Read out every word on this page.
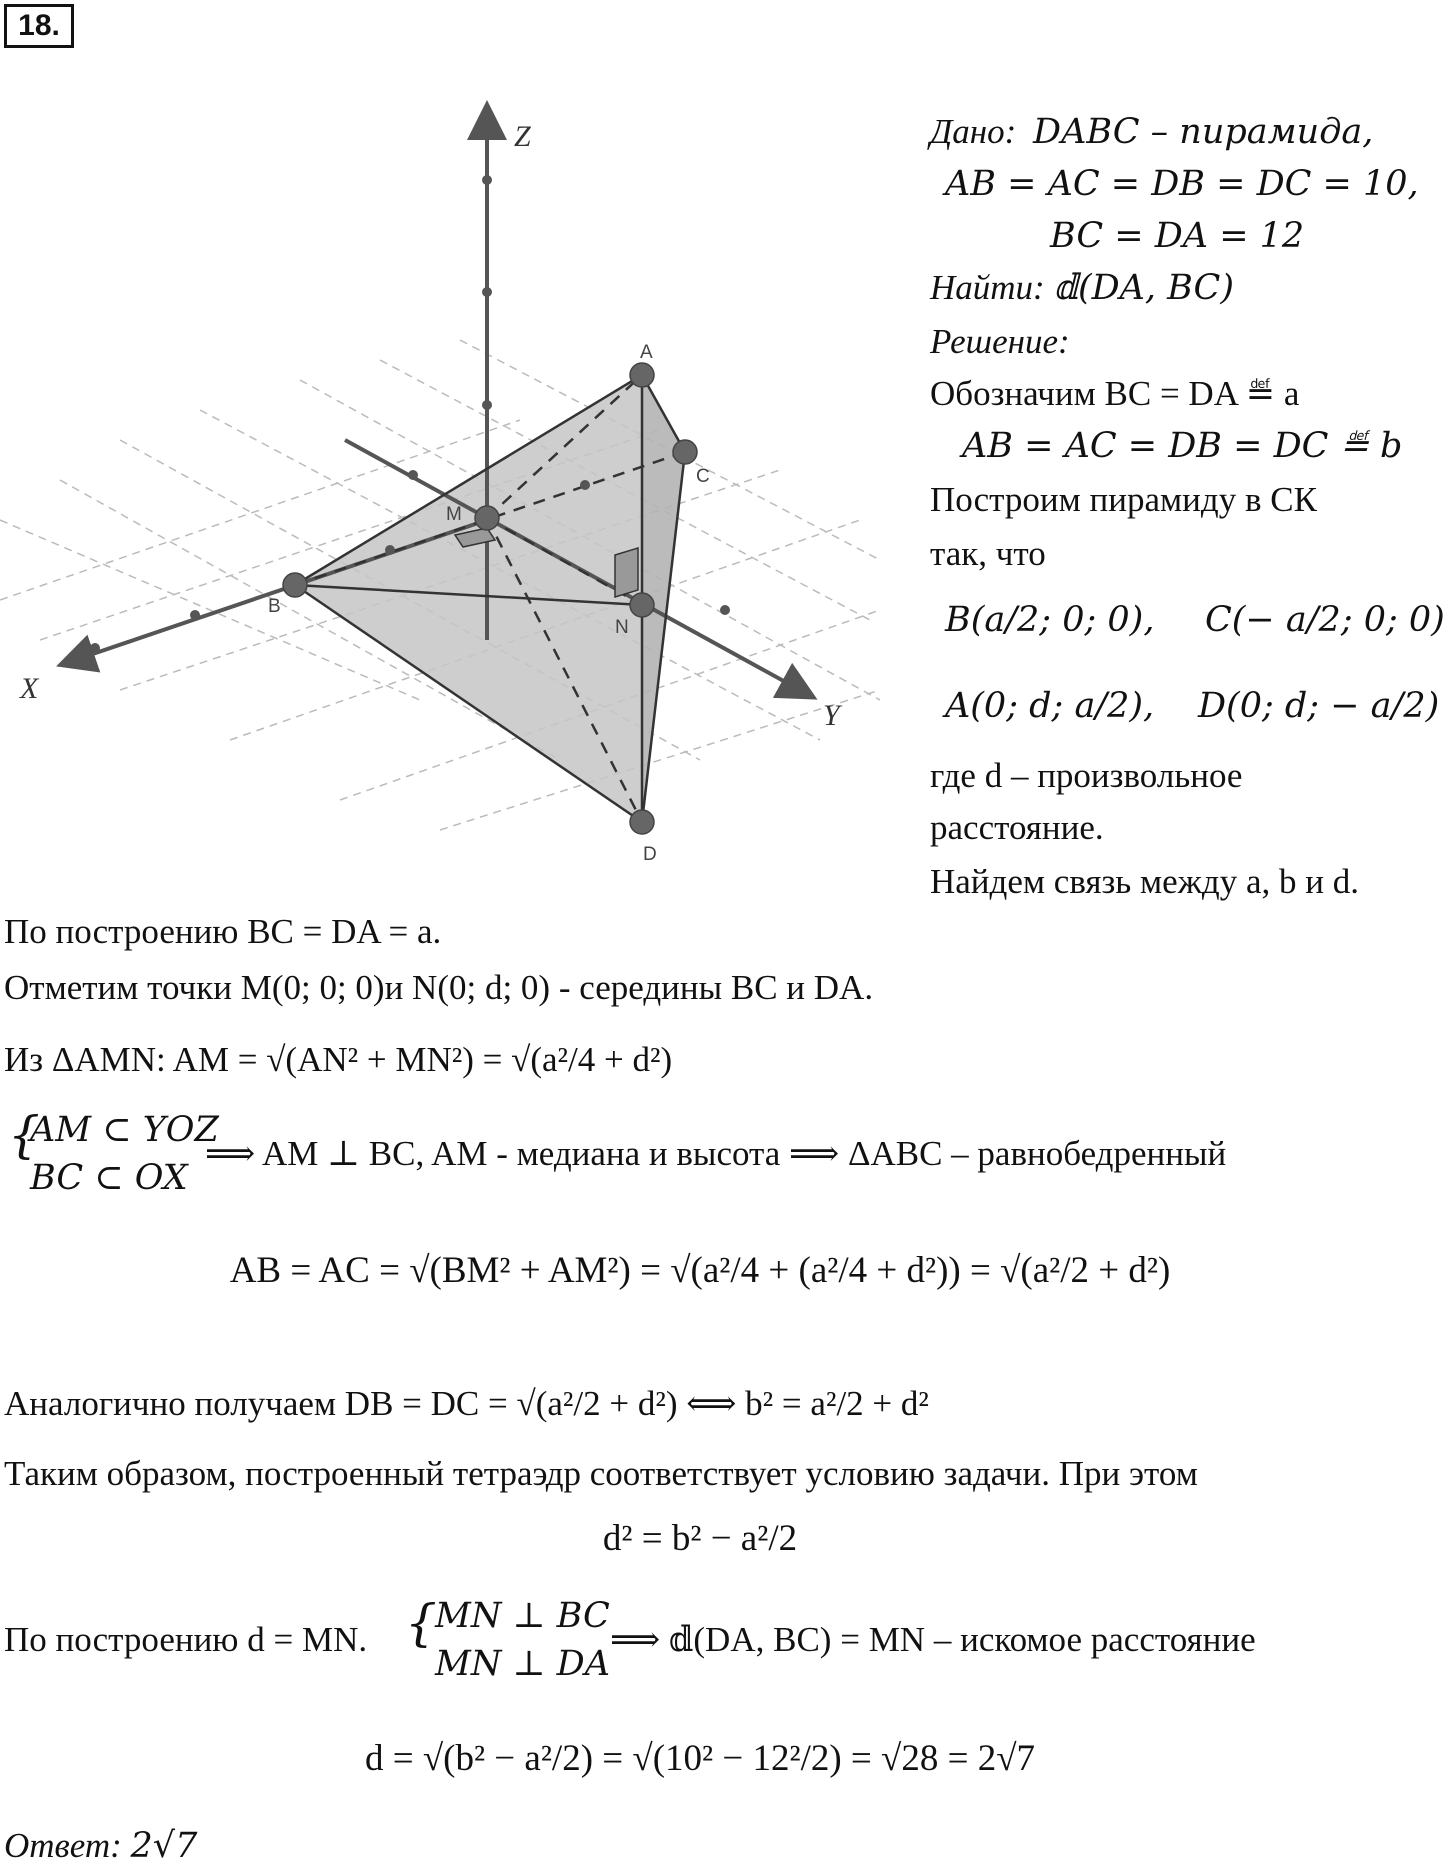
18.
A
C
B
D
M
N
Z
X
Y
Дано: DABC – пирамида,
AB = AC = DB = DC = 10,
BC = DA = 12
Найти: 𝕕(DA, BC)
Решение:
Обозначим BC = DA ≝ a
AB = AC = DB = DC ≝ b
Построим пирамиду в СК
так, что
B(a/2; 0; 0), C(− a/2; 0; 0)
A(0; d; a/2), D(0; d; − a/2)
где d – произвольное
расстояние.
Найдем связь между a, b и d.
По построению BC = DA = a.
Отметим точки M(0; 0; 0)и N(0; d; 0) - середины BC и DA.
Из ΔAMN: AM = √(AN² + MN²) = √(a²/4 + d²)
{
AM ⊂ YOZ
BC ⊂ OX
⟹ AM ⊥ BC, AM - медиана и высота ⟹ ΔABC – равнобедренный
AB = AC = √(BM² + AM²) = √(a²/4 + (a²/4 + d²)) = √(a²/2 + d²)
Аналогично получаем DB = DC = √(a²/2 + d²) ⟺ b² = a²/2 + d²
Таким образом, построенный тетраэдр соответствует условию задачи. При этом
d² = b² − a²/2
По построению d = MN. {
MN ⊥ BC
MN ⊥ DA
⟹ 𝕕(DA, BC) = MN – искомое расстояние
d = √(b² − a²/2) = √(10² − 12²/2) = √28 = 2√7
Ответ: 2√7
